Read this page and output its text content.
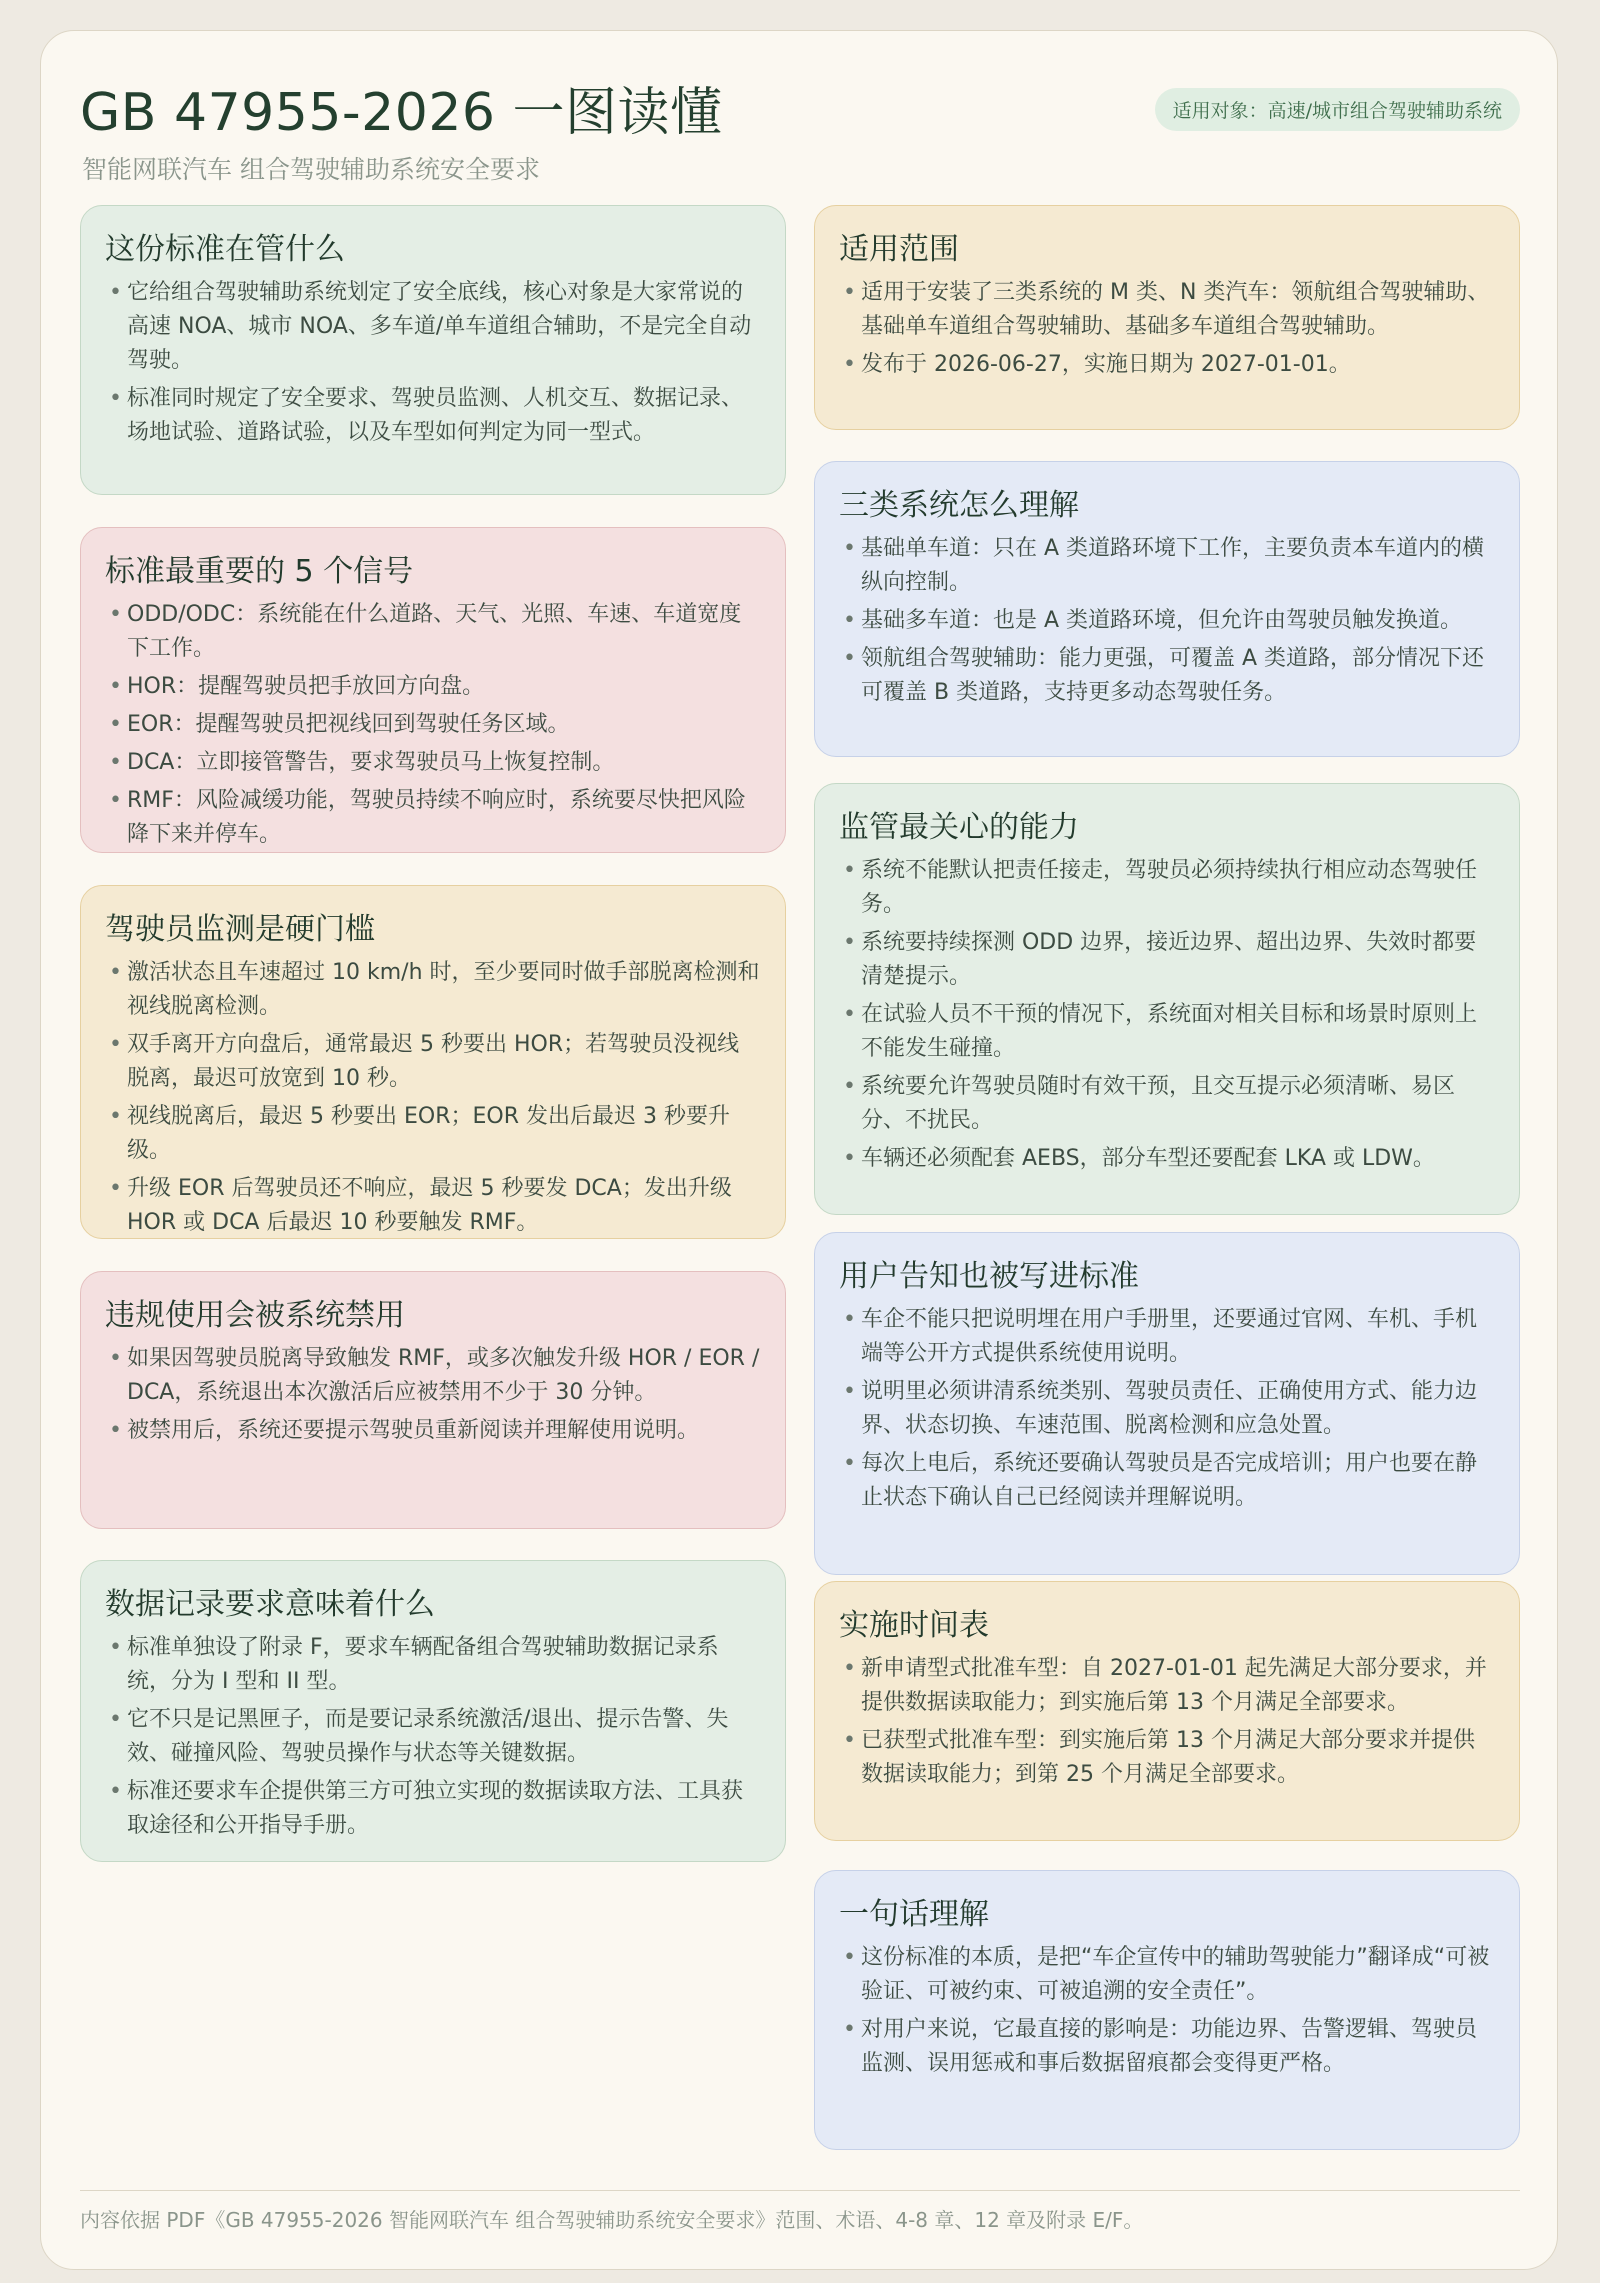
GB 47955-2026 一图读懂
智能网联汽车 组合驾驶辅助系统安全要求
适用对象：高速/城市组合驾驶辅助系统
这份标准在管什么
• 它给组合驾驶辅助系统划定了安全底线，核心对象是大家常说的高速 NOA、城市 NOA、多车道/单车道组合辅助，不是完全自动驾驶。
• 标准同时规定了安全要求、驾驶员监测、人机交互、数据记录、场地试验、道路试验，以及车型如何判定为同一型式。
标准最重要的 5 个信号
• ODD/ODC：系统能在什么道路、天气、光照、车速、车道宽度下工作。
• HOR：提醒驾驶员把手放回方向盘。
• EOR：提醒驾驶员把视线回到驾驶任务区域。
• DCA：立即接管警告，要求驾驶员马上恢复控制。
• RMF：风险减缓功能，驾驶员持续不响应时，系统要尽快把风险降下来并停车。
驾驶员监测是硬门槛
• 激活状态且车速超过 10 km/h 时，至少要同时做手部脱离检测和视线脱离检测。
• 双手离开方向盘后，通常最迟 5 秒要出 HOR；若驾驶员没视线脱离，最迟可放宽到 10 秒。
• 视线脱离后，最迟 5 秒要出 EOR；EOR 发出后最迟 3 秒要升级。
• 升级 EOR 后驾驶员还不响应，最迟 5 秒要发 DCA；发出升级 HOR 或 DCA 后最迟 10 秒要触发 RMF。
违规使用会被系统禁用
• 如果因驾驶员脱离导致触发 RMF，或多次触发升级 HOR / EOR / DCA，系统退出本次激活后应被禁用不少于 30 分钟。
• 被禁用后，系统还要提示驾驶员重新阅读并理解使用说明。
数据记录要求意味着什么
• 标准单独设了附录 F，要求车辆配备组合驾驶辅助数据记录系统，分为 I 型和 II 型。
• 它不只是记黑匣子，而是要记录系统激活/退出、提示告警、失效、碰撞风险、驾驶员操作与状态等关键数据。
• 标准还要求车企提供第三方可独立实现的数据读取方法、工具获取途径和公开指导手册。
适用范围
• 适用于安装了三类系统的 M 类、N 类汽车：领航组合驾驶辅助、基础单车道组合驾驶辅助、基础多车道组合驾驶辅助。
• 发布于 2026-06-27，实施日期为 2027-01-01。
三类系统怎么理解
• 基础单车道：只在 A 类道路环境下工作，主要负责本车道内的横纵向控制。
• 基础多车道：也是 A 类道路环境，但允许由驾驶员触发换道。
• 领航组合驾驶辅助：能力更强，可覆盖 A 类道路，部分情况下还可覆盖 B 类道路，支持更多动态驾驶任务。
监管最关心的能力
• 系统不能默认把责任接走，驾驶员必须持续执行相应动态驾驶任务。
• 系统要持续探测 ODD 边界，接近边界、超出边界、失效时都要清楚提示。
• 在试验人员不干预的情况下，系统面对相关目标和场景时原则上不能发生碰撞。
• 系统要允许驾驶员随时有效干预，且交互提示必须清晰、易区分、不扰民。
• 车辆还必须配套 AEBS，部分车型还要配套 LKA 或 LDW。
用户告知也被写进标准
• 车企不能只把说明埋在用户手册里，还要通过官网、车机、手机端等公开方式提供系统使用说明。
• 说明里必须讲清系统类别、驾驶员责任、正确使用方式、能力边界、状态切换、车速范围、脱离检测和应急处置。
• 每次上电后，系统还要确认驾驶员是否完成培训；用户也要在静止状态下确认自己已经阅读并理解说明。
实施时间表
• 新申请型式批准车型：自 2027-01-01 起先满足大部分要求，并提供数据读取能力；到实施后第 13 个月满足全部要求。
• 已获型式批准车型：到实施后第 13 个月满足大部分要求并提供数据读取能力；到第 25 个月满足全部要求。
一句话理解
• 这份标准的本质，是把“车企宣传中的辅助驾驶能力”翻译成“可被验证、可被约束、可被追溯的安全责任”。
• 对用户来说，它最直接的影响是：功能边界、告警逻辑、驾驶员监测、误用惩戒和事后数据留痕都会变得更严格。
内容依据 PDF《GB 47955-2026 智能网联汽车 组合驾驶辅助系统安全要求》范围、术语、4-8 章、12 章及附录 E/F。
